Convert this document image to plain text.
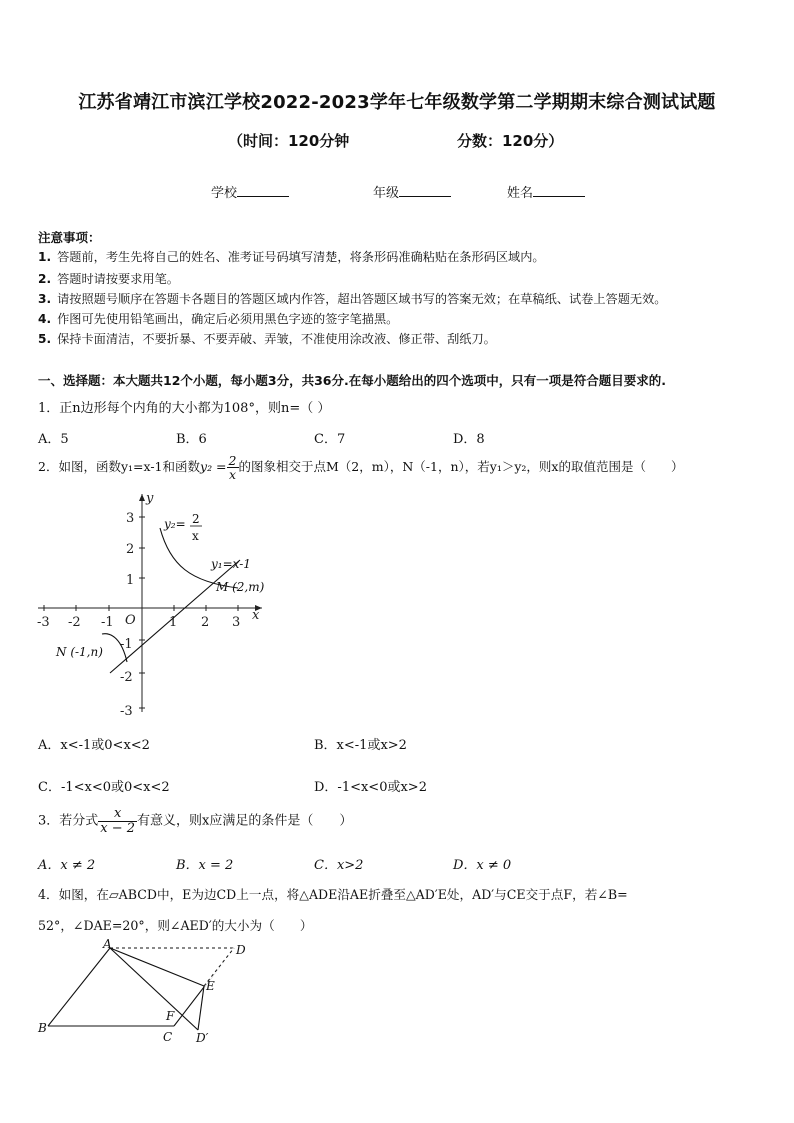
江苏省靖江市滨江学校2022-2023学年七年级数学第二学期期末综合测试试题
（时间：120分钟	分数：120分）
学校	年级	姓名
注意事项：
1. 答题前，考生先将自己的姓名、准考证号码填写清楚，将条形码准确粘贴在条形码区域内。
2. 答题时请按要求用笔。
3. 请按照题号顺序在答题卡各题目的答题区域内作答，超出答题区域书写的答案无效；在草稿纸、试卷上答题无效。
4. 作图可先使用铅笔画出，确定后必须用黑色字迹的签字笔描黑。
5. 保持卡面清洁，不要折暴、不要弄破、弄皱，不准使用涂改液、修正带、刮纸刀。
一、选择题：本大题共12个小题，每小题3分，共36分.在每小题给出的四个选项中，只有一项是符合题目要求的.
1．正n边形每个内角的大小都为108°，则n=（ ）
A．5	B．6	C．7	D．8
2．如图，函数y₁=x-1和函数$y_2 = \frac{2}{x}$ 的图象相交于点M（2，m），N（-1，n），若y₁＞y₂，则x的取值范围是（　　）
-3 -2 -1	1 2 3
3
2
1
-1
-2
-3
O	x
y
y₂= 2
x
y₁=x-1
M (2,m)
N (-1,n)
A．x<-1或0<x<2	B．x<-1或x>2
C．-1<x<0或0<x<2	D．-1<x<0或x>2
3．若分式 $\frac{x}{x - 2}$ 有意义，则x应满足的条件是（　　）
A．x ≠ 2	B．x = 2	C．x>2	D．x ≠ 0
4．如图，在▱ABCD中，E为边CD上一点，将△ADE沿AE折叠至△AD′E处，AD′与CE交于点F，若∠B=
52°，∠DAE=20°，则∠AED′的大小为（　　）
A
B
C
D
E
F
D′
